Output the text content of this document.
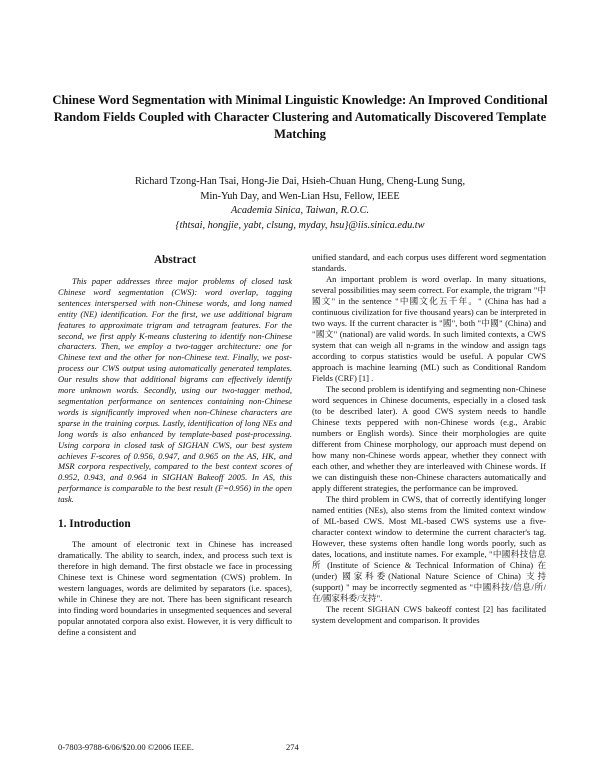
Chinese Word Segmentation with Minimal Linguistic Knowledge: An Improved Conditional Random Fields Coupled with Character Clustering and Automatically Discovered Template Matching
Richard Tzong-Han Tsai, Hong-Jie Dai, Hsieh-Chuan Hung, Cheng-Lung Sung,
Min-Yuh Day, and Wen-Lian Hsu, Fellow, IEEE
Academia Sinica, Taiwan, R.O.C.
{thtsai, hongjie, yabt, clsung, myday, hsu}@iis.sinica.edu.tw
Abstract

This paper addresses three major problems of closed task Chinese word segmentation (CWS): word overlap, tagging sentences interspersed with non-Chinese words, and long named entity (NE) identification. For the first, we use additional bigram features to approximate trigram and tetragram features. For the second, we first apply K-means clustering to identify non-Chinese characters. Then, we employ a two-tagger architecture: one for Chinese text and the other for non-Chinese text. Finally, we post-process our CWS output using automatically generated templates. Our results show that additional bigrams can effectively identify more unknown words. Secondly, using our two-tagger method, segmentation performance on sentences containing non-Chinese words is significantly improved when non-Chinese characters are sparse in the training corpus. Lastly, identification of long NEs and long words is also enhanced by template-based post-processing. Using corpora in closed task of SIGHAN CWS, our best system achieves F-scores of 0.956, 0.947, and 0.965 on the AS, HK, and MSR corpora respectively, compared to the best context scores of 0.952, 0.943, and 0.964 in SIGHAN Bakeoff 2005. In AS, this performance is comparable to the best result (F=0.956) in the open task.

1. Introduction

The amount of electronic text in Chinese has increased dramatically. The ability to search, index, and process such text is therefore in high demand. The first obstacle we face in processing Chinese text is Chinese word segmentation (CWS) problem. In western languages, words are delimited by separators (i.e. spaces), while in Chinese they are not. There has been significant research into finding word boundaries in unsegmented sequences and several popular annotated corpora also exist. However, it is very difficult to define a consistent and

unified standard, and each corpus uses different word segmentation standards.

An important problem is word overlap. In many situations, several possibilities may seem correct. For example, the trigram "中國文" in the sentence "中國文化五千年。" (China has had a continuous civilization for five thousand years) can be interpreted in two ways. If the current character is "國", both "中國" (China) and "國文" (national) are valid words. In such limited contexts, a CWS system that can weigh all n-grams in the window and assign tags according to corpus statistics would be useful. A popular CWS approach is machine learning (ML) such as Conditional Random Fields (CRF) [1] .

The second problem is identifying and segmenting non-Chinese word sequences in Chinese documents, especially in a closed task (to be described later). A good CWS system needs to handle Chinese texts peppered with non-Chinese words (e.g., Arabic numbers or English words). Since their morphologies are quite different from Chinese morphology, our approach must depend on how many non-Chinese words appear, whether they connect with each other, and whether they are interleaved with Chinese words. If we can distinguish these non-Chinese characters automatically and apply different strategies, the performance can be improved.

The third problem in CWS, that of correctly identifying longer named entities (NEs), also stems from the limited context window of ML-based CWS. Most ML-based CWS systems use a five-character context window to determine the current character's tag. However, these systems often handle long words poorly, such as dates, locations, and institute names. For example, "中國科技信息所 (Institute of Science & Technical Information of China) 在 (under) 國家科委(National Nature Science of China) 支持 (support) " may be incorrectly segmented as "中國科技/信息/所/在/國家科委/支持".

The recent SIGHAN CWS bakeoff contest [2] has facilitated system development and comparison. It provides

0-7803-9788-6/06/$20.00 ©2006 IEEE.	274
